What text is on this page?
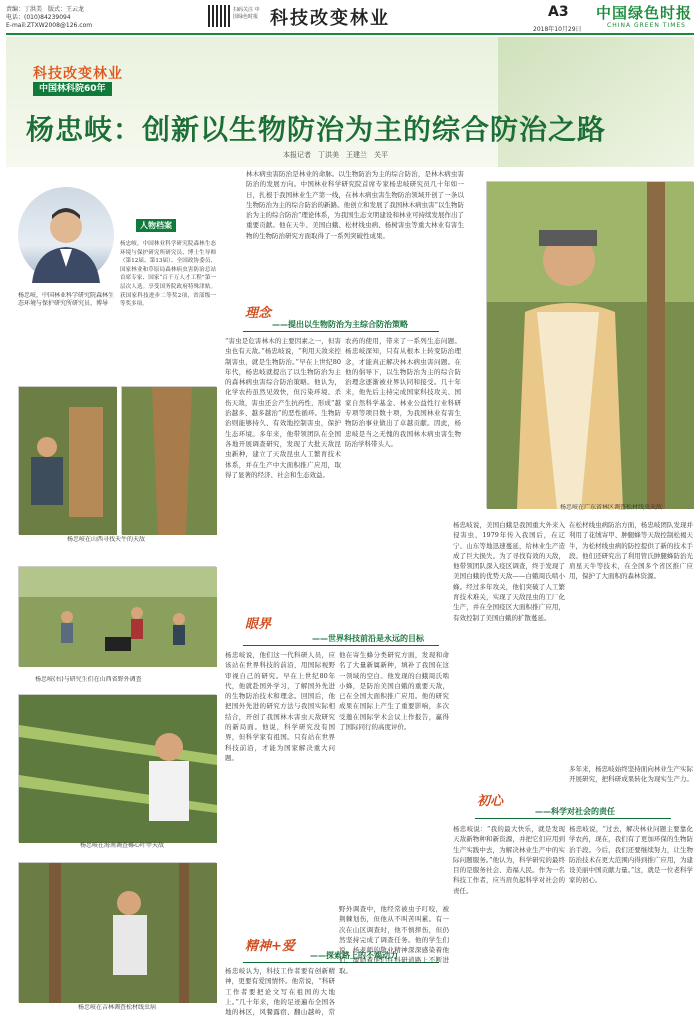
责编：丁洪美　版式：王云龙
电话：(010)84239094
E-mail:ZTXW2008@126.com
扫码关注 中国绿色时报 科技改变林业	A3
2018年10月29日
中国绿色时报
CHINA GREEN TIMES
科技改变林业
中国林科院60年
杨忠岐：创新以生物防治为主的综合防治之路
本报记者　丁洪美　王建兰　关平
人物档案
杨忠岐，中国林业科学研究院森林生态环境与保护研究所研究员、博士生导师（第12届、第13届）、全国政协委员、国家林业和草原局森林病虫害防治总站首席专家、国家“百千万人才工程”第一层次人选。享受国务院政府特殊津贴。获国家科技进步二等奖2项，省部级一等奖多项。
杨忠岐，中国林业科学研究院森林生态环境与保护研究所研究员、博导
林木病虫害防治是林业的命脉。以生物防治为主的综合防治，是林木病虫害防治的发展方向。中国林业科学研究院首席专家杨忠岐研究员几十年如一日，扎根于我国林业生产第一线，在林木病虫害生物防治领域开创了一条以生物防治为主的综合防治的新路。他创立和发展了我国林木病虫害“以生物防治为主的综合防治”理论体系，为我国生态文明建设和林业可持续发展作出了重要贡献。他在天牛、美国白蛾、松材线虫病、杨树害虫等重大林业有害生物的生物防治研究方面取得了一系列突破性成果。
杨忠岐在广东省林区调查松材线虫天敌
理念
——提出以生物防治为主综合防治策略
杨忠岐在山西寻找天牛的天敌
杨忠岐(右)与研究生们在山西省野外调查
杨忠岐在海南调查椰心叶甲天敌
杨忠岐在吉林调查松材线虫病
“害虫是危害林木的主要因素之一，但害虫也有天敌。”杨忠岐说，“利用天敌来控制害虫，就是生物防治。”早在上世纪80年代，杨忠岐就提出了以生物防治为主的森林病虫害综合防治策略。他认为，化学农药虽然见效快，但污染环境、杀伤天敌，害虫还会产生抗药性，形成“越治越多、越多越治”的恶性循环。生物防治则能够持久、有效地控制害虫，保护生态环境。多年来，他带领团队在全国各地开展调查研究，发现了大批天敌昆虫新种，建立了天敌昆虫人工繁育技术体系，并在生产中大面积推广应用，取得了显著的经济、社会和生态效益。
农药的使用，带来了一系列生态问题。杨忠岐深知，只有从根本上转变防治理念，才能真正解决林木病虫害问题。在他的倡导下，以生物防治为主的综合防治理念逐渐被业界认同和接受。几十年来，他先后主持完成国家科技攻关、国家自然科学基金、林业公益性行业科研专项等项目数十项，为我国林业有害生物防治事业做出了卓越贡献。因此，杨忠岐是当之无愧的我国林木病虫害生物防治学科带头人。
眼界
——世界科技前沿是永远的目标
杨忠岐说，他们这一代科研人员，应该站在世界科技的前沿，用国际视野审视自己的研究。早在上世纪80年代，他就赴国外学习，了解国外先进的生物防治技术和理念。回国后，他把国外先进的研究方法与我国实际相结合，开创了我国林木害虫天敌研究的新局面。他说，科学研究没有国界，但科学家有祖国。只有站在世界科技前沿，才能为国家解决重大问题。
他在寄生蜂分类研究方面，发现和命名了大量新属新种，填补了我国在这一领域的空白。他发现的白蛾周氏啮小蜂，是防治美国白蛾的重要天敌，已在全国大面积推广应用。他的研究成果在国际上产生了重要影响，多次受邀在国际学术会议上作报告，赢得了国际同行的高度评价。
杨忠岐说，美国白蛾是我国重大外来入侵害虫，1979年传入我国后，在辽宁、山东等地迅速蔓延，给林业生产造成了巨大损失。为了寻找有效的天敌，他带领团队深入疫区调查，终于发现了美国白蛾的优势天敌——白蛾周氏啮小蜂。经过多年攻关，他们突破了人工繁育技术难关，实现了天敌昆虫的工厂化生产，并在全国疫区大面积推广应用，有效控制了美国白蛾的扩散蔓延。
在松材线虫病防治方面，杨忠岐团队发现并利用了花绒寄甲、肿腿蜂等天敌控制松褐天牛，为松材线虫病的防控提供了新的技术手段。他们还研究出了利用管氏肿腿蜂防治光肩星天牛等技术，在全国多个省区推广应用，保护了大面积的森林资源。
精神+爱
——探索路上的不竭动力
杨忠岐认为，科技工作者要有创新精神，更要有爱国情怀。他常说，“科研工作者要把论文写在祖国的大地上。”几十年来，他的足迹遍布全国各地的林区，风餐露宿、翻山越岭，常
野外调查中，他经常被虫子叮咬，被荆棘划伤，但他从不叫苦叫累。有一次在山区调查时，他不慎摔伤，但仍然坚持完成了调查任务。他的学生们说，杨老师的敬业精神深深感染着他们，激励着他们在科研道路上不断进取。
初心
——科学对社会的责任
杨忠岐说：“我的最大快乐，就是发现天敌新物种和新资源，并把它们应用到生产实践中去，为解决林业生产中的实际问题服务。”他认为，科学研究的最终目的是服务社会、造福人民。作为一名科技工作者，应当肩负起科学对社会的责任。
多年来，杨忠岐始终坚持面向林业生产实际开展研究，把科研成果转化为现实生产力。
杨忠岐说，“过去，解决林业问题主要靠化学农药，现在，我们有了更加环保的生物防治手段。今后，我们还要继续努力，让生物防治技术在更大范围内得到推广应用，为建设美丽中国贡献力量。”这，就是一位老科学家的初心。
